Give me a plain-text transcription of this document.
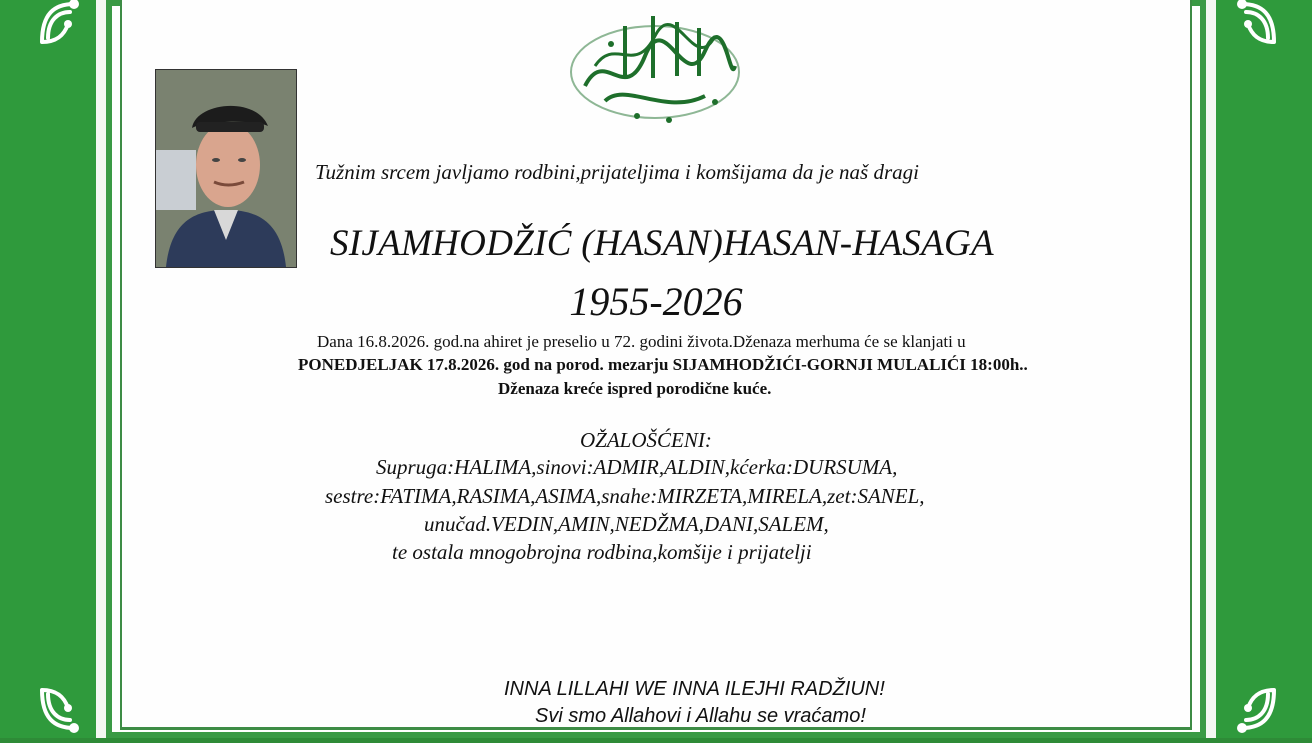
Tužnim srcem javljamo rodbini,prijateljima i komšijama da je naš dragi
SIJAMHODŽIĆ (HASAN)HASAN-HASAGA
1955-2026
Dana 16.8.2026. god.na ahiret je preselio u 72. godini života.Dženaza merhuma će se klanjati u
PONEDJELJAK 17.8.2026. god na porod. mezarju SIJAMHODŽIĆI-GORNJI MULALIĆI 18:00h..
Dženaza kreće ispred porodične kuće.
OŽALOŠĆENI:
Supruga:HALIMA,sinovi:ADMIR,ALDIN,kćerka:DURSUMA,
sestre:FATIMA,RASIMA,ASIMA,snahe:MIRZETA,MIRELA,zet:SANEL,
unučad.VEDIN,AMIN,NEDŽMA,DANI,SALEM,
te ostala mnogobrojna rodbina,komšije i prijatelji
INNA LILLAHI WE INNA ILEJHI RADŽIUN!
Svi smo Allahovi i Allahu se vraćamo!
